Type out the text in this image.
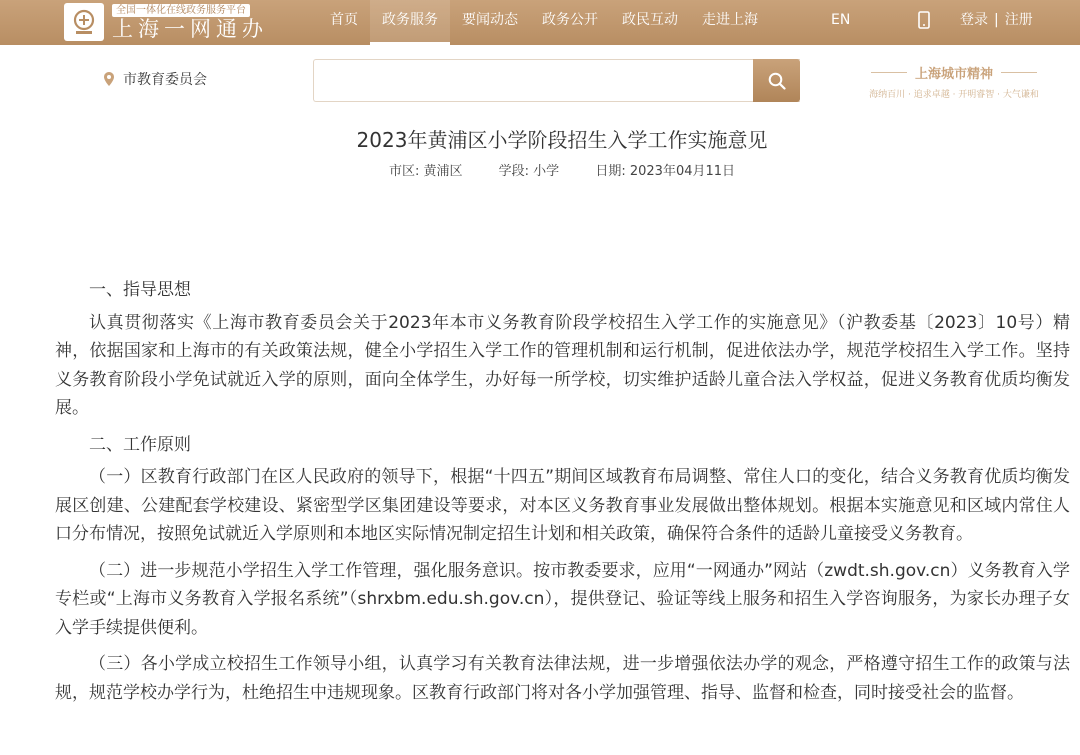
全国一体化在线政务服务平台
上海一网通办	首页	政务服务	要闻动态	政务公开	政民互动	走进上海	EN	登录 | 注册
市教育委员会	上海城市精神
海纳百川 · 追求卓越 · 开明睿智 · 大气谦和
2023年黄浦区小学阶段招生入学工作实施意见
市区: 黄浦区	学段: 小学	日期: 2023年04月11日

一、指导思想

认真贯彻落实《上海市教育委员会关于2023年本市义务教育阶段学校招生入学工作的实施意见》（沪教委基〔2023〕10号）精神，依据国家和上海市的有关政策法规，健全小学招生入学工作的管理机制和运行机制，促进依法办学，规范学校招生入学工作。坚持义务教育阶段小学免试就近入学的原则，面向全体学生，办好每一所学校，切实维护适龄儿童合法入学权益，促进义务教育优质均衡发展。

二、工作原则

（一）区教育行政部门在区人民政府的领导下，根据“十四五”期间区域教育布局调整、常住人口的变化，结合义务教育优质均衡发展区创建、公建配套学校建设、紧密型学区集团建设等要求，对本区义务教育事业发展做出整体规划。根据本实施意见和区域内常住人口分布情况，按照免试就近入学原则和本地区实际情况制定招生计划和相关政策，确保符合条件的适龄儿童接受义务教育。

（二）进一步规范小学招生入学工作管理，强化服务意识。按市教委要求，应用“一网通办”网站（zwdt.sh.gov.cn）义务教育入学专栏或“上海市义务教育入学报名系统”（shrxbm.edu.sh.gov.cn），提供登记、验证等线上服务和招生入学咨询服务，为家长办理子女入学手续提供便利。

（三）各小学成立校招生工作领导小组，认真学习有关教育法律法规，进一步增强依法办学的观念，严格遵守招生工作的政策与法规，规范学校办学行为，杜绝招生中违规现象。区教育行政部门将对各小学加强管理、指导、监督和检查，同时接受社会的监督。
